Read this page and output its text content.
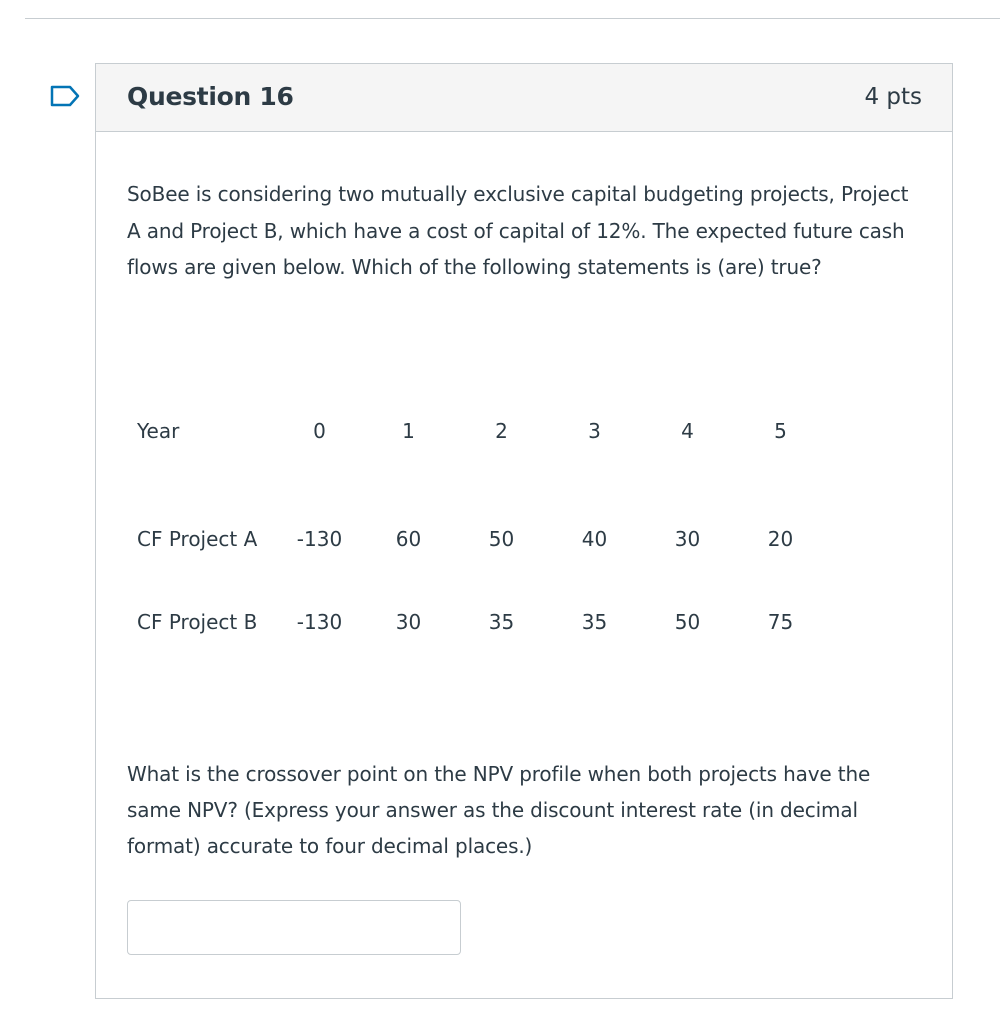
Question 16	4 pts
SoBee is considering two mutually exclusive capital budgeting projects, Project A and Project B, which have a cost of capital of 12%. The expected future cash flows are given below. Which of the following statements is (are) true?
Year	0	1	2	3	4	5

CF Project A	-130	60	50	40	30	20

CF Project B	-130	30	35	35	50	75
What is the crossover point on the NPV profile when both projects have the same NPV? (Express your answer as the discount interest rate (in decimal format) accurate to four decimal places.)
